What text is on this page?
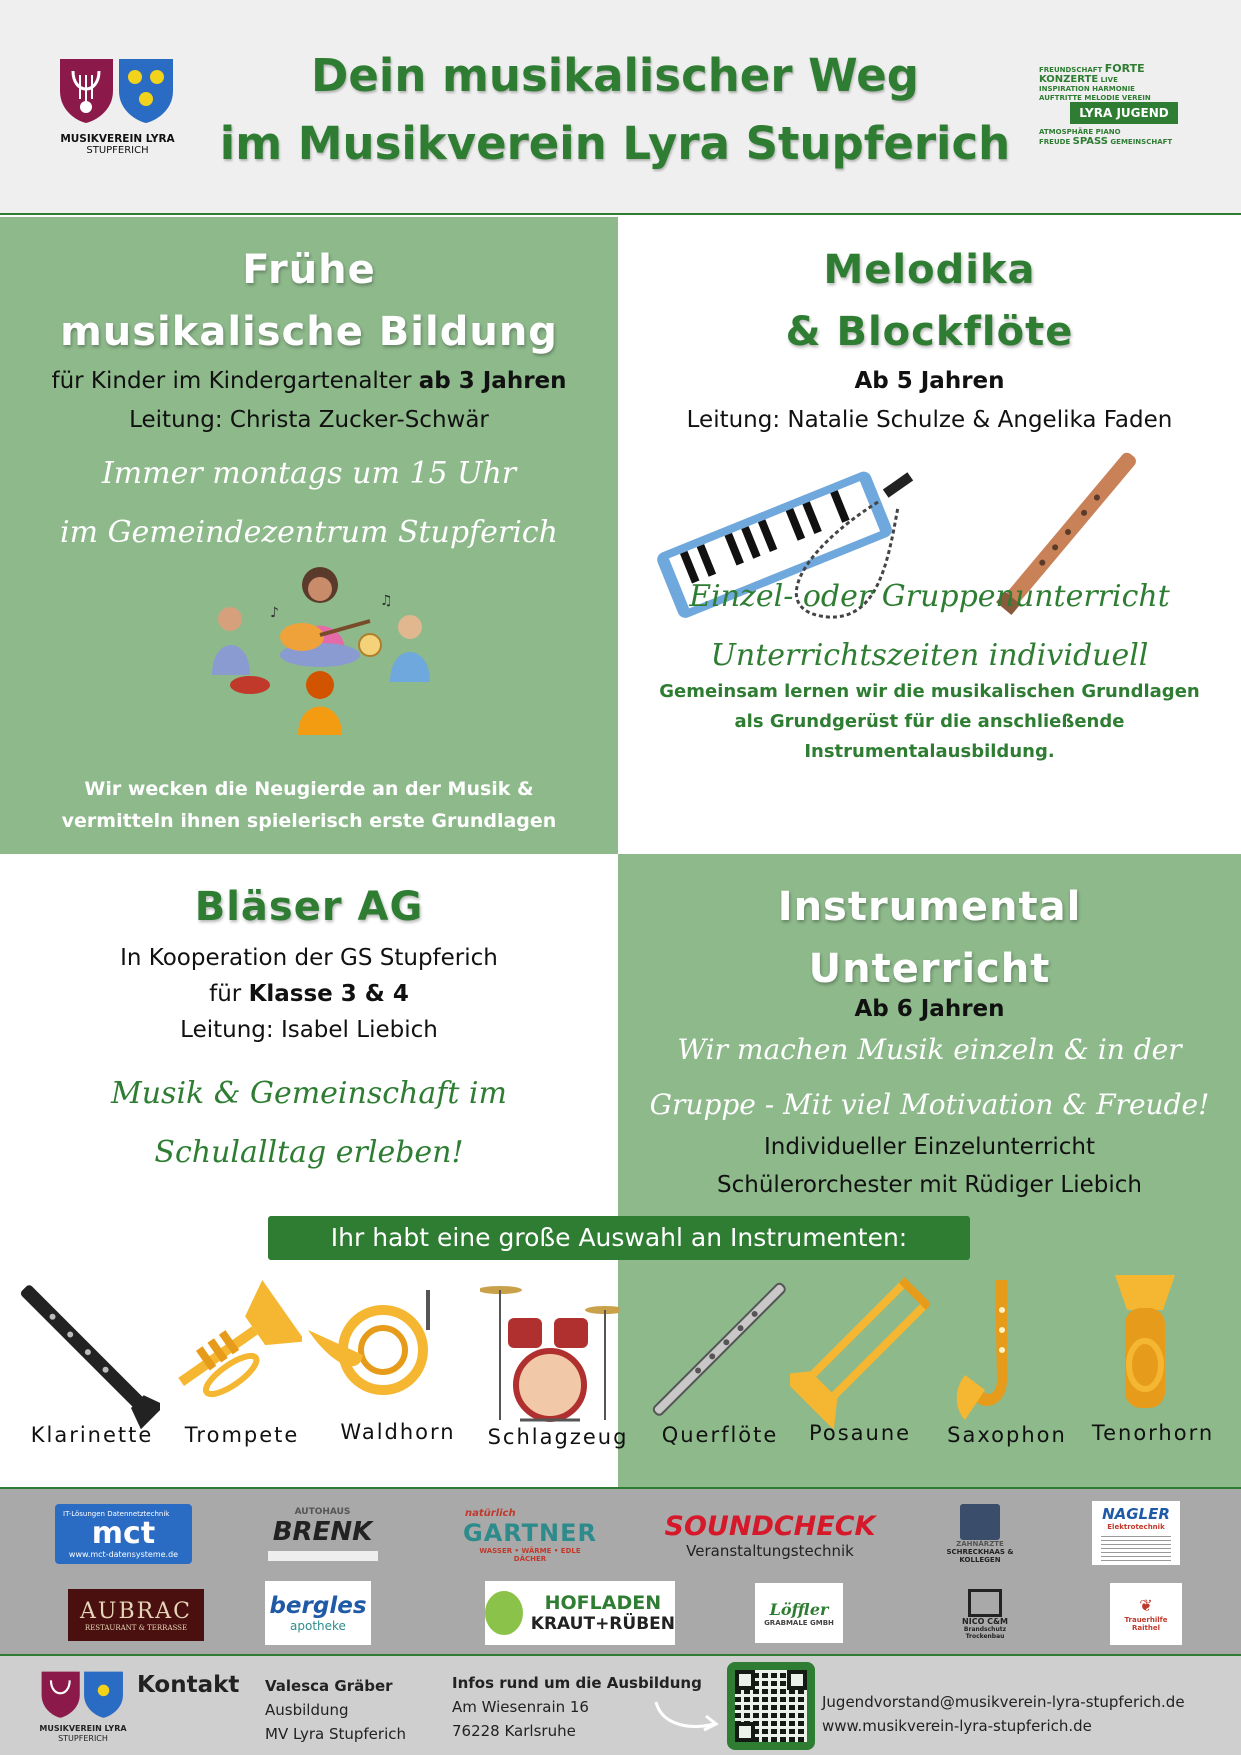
MUSIKVEREIN LYRA
STUPFERICH
Dein musikalischer Weg
im Musikverein Lyra Stupferich
FREUNDSCHAFT FORTE
KONZERTE LIVE
INSPIRATION HARMONIE
AUFTRITTE MELODIE VEREIN
LYRA JUGEND
ATMOSPHÄRE PIANO
FREUDE SPASS GEMEINSCHAFT
Frühe
musikalische Bildung
für Kinder im Kindergartenalter ab 3 Jahren
Leitung: Christa Zucker-Schwär
Immer montags um 15 Uhr
im Gemeindezentrum Stupferich
♪
♫
Wir wecken die Neugierde an der Musik &
vermitteln ihnen spielerisch erste Grundlagen
Melodika
& Blockflöte
Ab 5 Jahren
Leitung: Natalie Schulze & Angelika Faden
Einzel- oder Gruppenunterricht
Unterrichtszeiten individuell
Gemeinsam lernen wir die musikalischen Grundlagen
als Grundgerüst für die anschließende
Instrumentalausbildung.
Bläser AG
In Kooperation der GS Stupferich
für Klasse 3 & 4
Leitung: Isabel Liebich
Musik & Gemeinschaft im
Schulalltag erleben!
Instrumental
Unterricht
Ab 6 Jahren
Wir machen Musik einzeln & in der
Gruppe - Mit viel Motivation & Freude!
Individueller Einzelunterricht
Schülerorchester mit Rüdiger Liebich
Ihr habt eine große Auswahl an Instrumenten:
Klarinette	Trompete	Waldhorn	Schlagzeug	Querflöte	Posaune	Saxophon	Tenorhorn
IT-Lösungen Datennetztechnik
mct
www.mct-datensysteme.de
AUTOHAUS
BRENK
natürlich
GARTNER
WASSER • WÄRME • EDLE DÄCHER
SOUNDCHECK
Veranstaltungstechnik	ZAHNÄRZTE
SCHRECKHAAS & KOLLEGEN
NAGLER
Elektrotechnik
AUBRAC
RESTAURANT & TERRASSE
bergles
apotheke
HOFLADEN
KRAUT+RÜBEN
Löffler
GRABMALE GMBH	NICO C&M
Brandschutz Trockenbau
❦
Trauerhilfe Raithel
MUSIKVEREIN LYRA
STUPFERICH
Kontakt Valesca Gräber
Ausbildung
MV Lyra Stupferich
Infos rund um die Ausbildung
Am Wiesenrain 16
76228 Karlsruhe
Jugendvorstand@musikverein-lyra-stupferich.de
www.musikverein-lyra-stupferich.de
